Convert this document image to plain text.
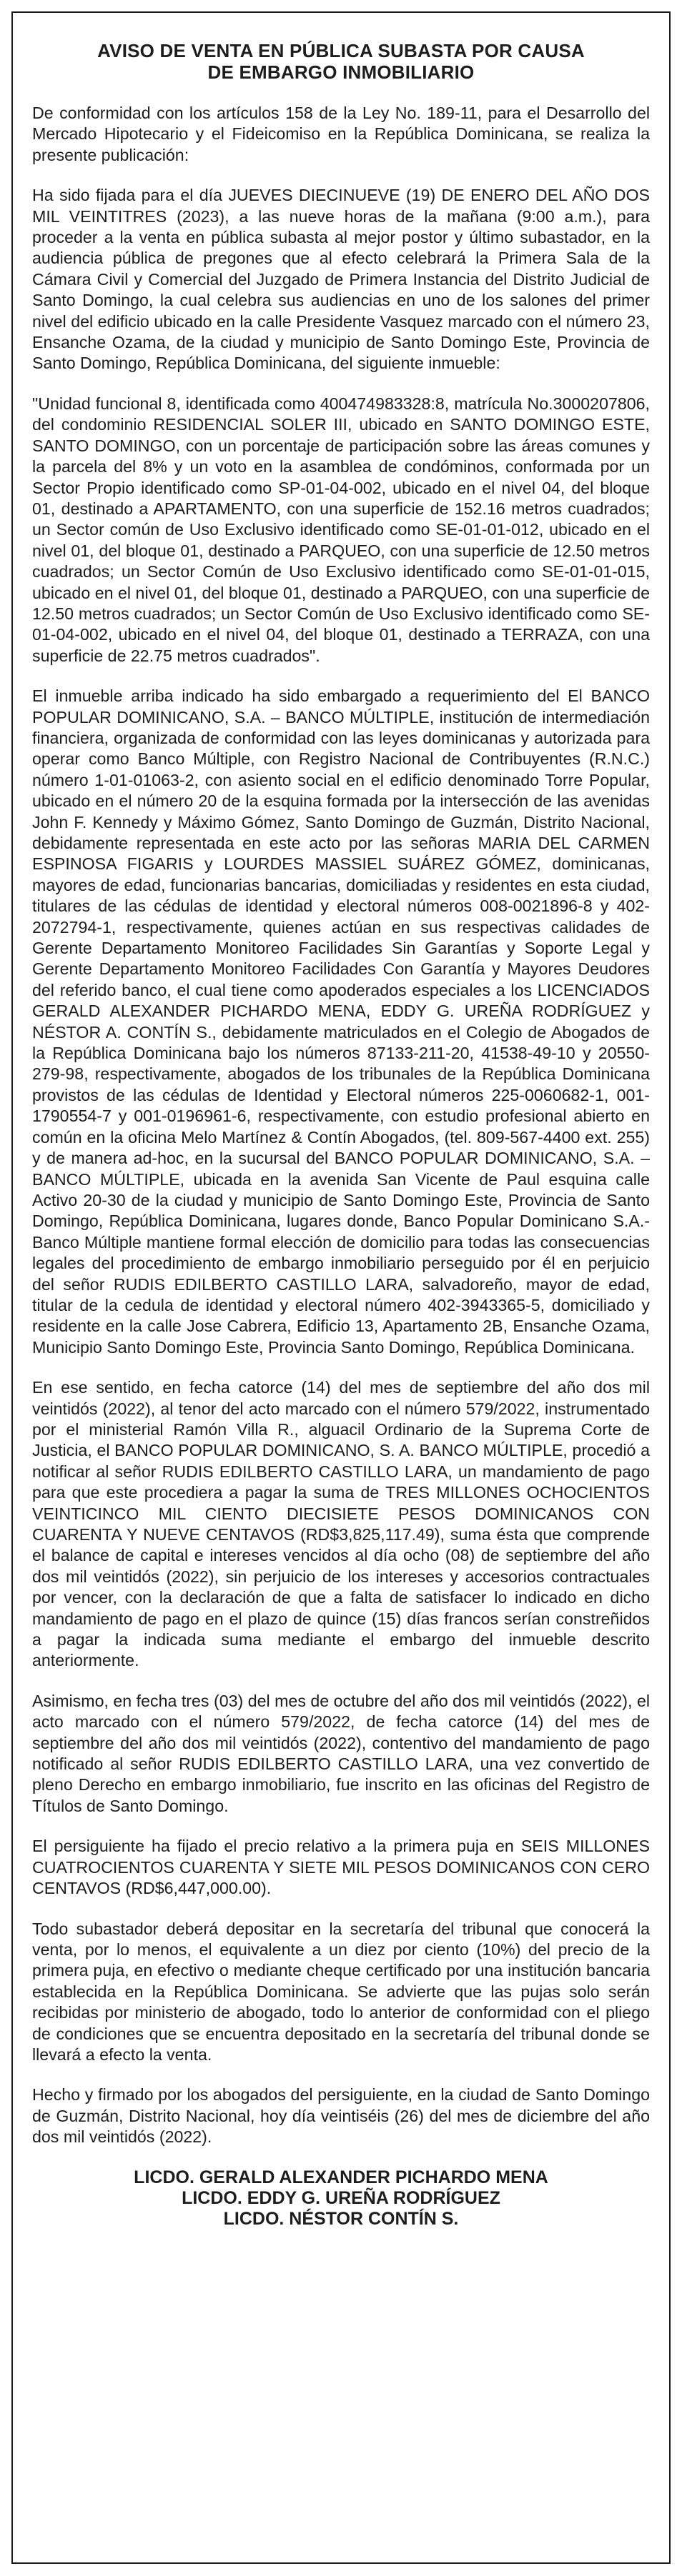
AVISO DE VENTA EN PÚBLICA SUBASTA POR CAUSA
DE EMBARGO INMOBILIARIO

De conformidad con los artículos 158 de la Ley No. 189-11, para el Desarrollo del Mercado Hipotecario y el Fideicomiso en la República Dominicana, se realiza la presente publicación:

Ha sido fijada para el día JUEVES DIECINUEVE (19) DE ENERO DEL AÑO DOS MIL VEINTITRES (2023), a las nueve horas de la mañana (9:00 a.m.), para proceder a la venta en pública subasta al mejor postor y último subastador, en la audiencia pública de pregones que al efecto celebrará la Primera Sala de la Cámara Civil y Comercial del Juzgado de Primera Instancia del Distrito Judicial de Santo Domingo, la cual celebra sus audiencias en uno de los salones del primer nivel del edificio ubicado en la calle Presidente Vasquez marcado con el número 23, Ensanche Ozama, de la ciudad y municipio de Santo Domingo Este, Provincia de Santo Domingo, República Dominicana, del siguiente inmueble:

"Unidad funcional 8, identificada como 400474983328:8, matrícula No.3000207806, del condominio RESIDENCIAL SOLER III, ubicado en SANTO DOMINGO ESTE, SANTO DOMINGO, con un porcentaje de participación sobre las áreas comunes y la parcela del 8% y un voto en la asamblea de condóminos, conformada por un Sector Propio identificado como SP-01-04-002, ubicado en el nivel 04, del bloque 01, destinado a APARTAMENTO, con una superficie de 152.16 metros cuadrados; un Sector común de Uso Exclusivo identificado como SE-01-01-012, ubicado en el nivel 01, del bloque 01, destinado a PARQUEO, con una superficie de 12.50 metros cuadrados; un Sector Común de Uso Exclusivo identificado como SE-01-01-015, ubicado en el nivel 01, del bloque 01, destinado a PARQUEO, con una superficie de 12.50 metros cuadrados; un Sector Común de Uso Exclusivo identificado como SE-01-04-002, ubicado en el nivel 04, del bloque 01, destinado a TERRAZA, con una superficie de 22.75 metros cuadrados".

El inmueble arriba indicado ha sido embargado a requerimiento del El BANCO POPULAR DOMINICANO, S.A. – BANCO MÚLTIPLE, institución de intermediación financiera, organizada de conformidad con las leyes dominicanas y autorizada para operar como Banco Múltiple, con Registro Nacional de Contribuyentes (R.N.C.) número 1-01-01063-2, con asiento social en el edificio denominado Torre Popular, ubicado en el número 20 de la esquina formada por la intersección de las avenidas John F. Kennedy y Máximo Gómez, Santo Domingo de Guzmán, Distrito Nacional, debidamente representada en este acto por las señoras MARIA DEL CARMEN ESPINOSA FIGARIS y LOURDES MASSIEL SUÁREZ GÓMEZ, dominicanas, mayores de edad, funcionarias bancarias, domiciliadas y residentes en esta ciudad, titulares de las cédulas de identidad y electoral números 008-0021896-8 y 402-2072794-1, respectivamente, quienes actúan en sus respectivas calidades de Gerente Departamento Monitoreo Facilidades Sin Garantías y Soporte Legal y Gerente Departamento Monitoreo Facilidades Con Garantía y Mayores Deudores del referido banco, el cual tiene como apoderados especiales a los LICENCIADOS GERALD ALEXANDER PICHARDO MENA, EDDY G. UREÑA RODRÍGUEZ y NÉSTOR A. CONTÍN S., debidamente matriculados en el Colegio de Abogados de la República Dominicana bajo los números 87133-211-20, 41538-49-10 y 20550-279-98, respectivamente, abogados de los tribunales de la República Dominicana provistos de las cédulas de Identidad y Electoral números 225-0060682-1, 001-1790554-7 y 001-0196961-6, respectivamente, con estudio profesional abierto en común en la oficina Melo Martínez & Contín Abogados, (tel. 809-567-4400 ext. 255) y de manera ad-hoc, en la sucursal del BANCO POPULAR DOMINICANO, S.A. – BANCO MÚLTIPLE, ubicada en la avenida San Vicente de Paul esquina calle Activo 20-30 de la ciudad y municipio de Santo Domingo Este, Provincia de Santo Domingo, República Dominicana, lugares donde, Banco Popular Dominicano S.A.- Banco Múltiple mantiene formal elección de domicilio para todas las consecuencias legales del procedimiento de embargo inmobiliario perseguido por él en perjuicio del señor RUDIS EDILBERTO CASTILLO LARA, salvadoreño, mayor de edad, titular de la cedula de identidad y electoral número 402-3943365-5, domiciliado y residente en la calle Jose Cabrera, Edificio 13, Apartamento 2B, Ensanche Ozama, Municipio Santo Domingo Este, Provincia Santo Domingo, República Dominicana.

En ese sentido, en fecha catorce (14) del mes de septiembre del año dos mil veintidós (2022), al tenor del acto marcado con el número 579/2022, instrumentado por el ministerial Ramón Villa R., alguacil Ordinario de la Suprema Corte de Justicia, el BANCO POPULAR DOMINICANO, S. A. BANCO MÚLTIPLE, procedió a notificar al señor RUDIS EDILBERTO CASTILLO LARA, un mandamiento de pago para que este procediera a pagar la suma de TRES MILLONES OCHOCIENTOS VEINTICINCO MIL CIENTO DIECISIETE PESOS DOMINICANOS CON CUARENTA Y NUEVE CENTAVOS (RD$3,825,117.49), suma ésta que comprende el balance de capital e intereses vencidos al día ocho (08) de septiembre del año dos mil veintidós (2022), sin perjuicio de los intereses y accesorios contractuales por vencer, con la declaración de que a falta de satisfacer lo indicado en dicho mandamiento de pago en el plazo de quince (15) días francos serían constreñidos a pagar la indicada suma mediante el embargo del inmueble descrito anteriormente.

Asimismo, en fecha tres (03) del mes de octubre del año dos mil veintidós (2022), el acto marcado con el número 579/2022, de fecha catorce (14) del mes de septiembre del año dos mil veintidós (2022), contentivo del mandamiento de pago notificado al señor RUDIS EDILBERTO CASTILLO LARA, una vez convertido de pleno Derecho en embargo inmobiliario, fue inscrito en las oficinas del Registro de Títulos de Santo Domingo.

El persiguiente ha fijado el precio relativo a la primera puja en SEIS MILLONES CUATROCIENTOS CUARENTA Y SIETE MIL PESOS DOMINICANOS CON CERO CENTAVOS (RD$6,447,000.00).

Todo subastador deberá depositar en la secretaría del tribunal que conocerá la venta, por lo menos, el equivalente a un diez por ciento (10%) del precio de la primera puja, en efectivo o mediante cheque certificado por una institución bancaria establecida en la República Dominicana. Se advierte que las pujas solo serán recibidas por ministerio de abogado, todo lo anterior de conformidad con el pliego de condiciones que se encuentra depositado en la secretaría del tribunal donde se llevará a efecto la venta.

Hecho y firmado por los abogados del persiguiente, en la ciudad de Santo Domingo de Guzmán, Distrito Nacional, hoy día veintiséis (26) del mes de diciembre del año dos mil veintidós (2022).

LICDO. GERALD ALEXANDER PICHARDO MENA
LICDO. EDDY G. UREÑA RODRÍGUEZ
LICDO. NÉSTOR CONTÍN S.
